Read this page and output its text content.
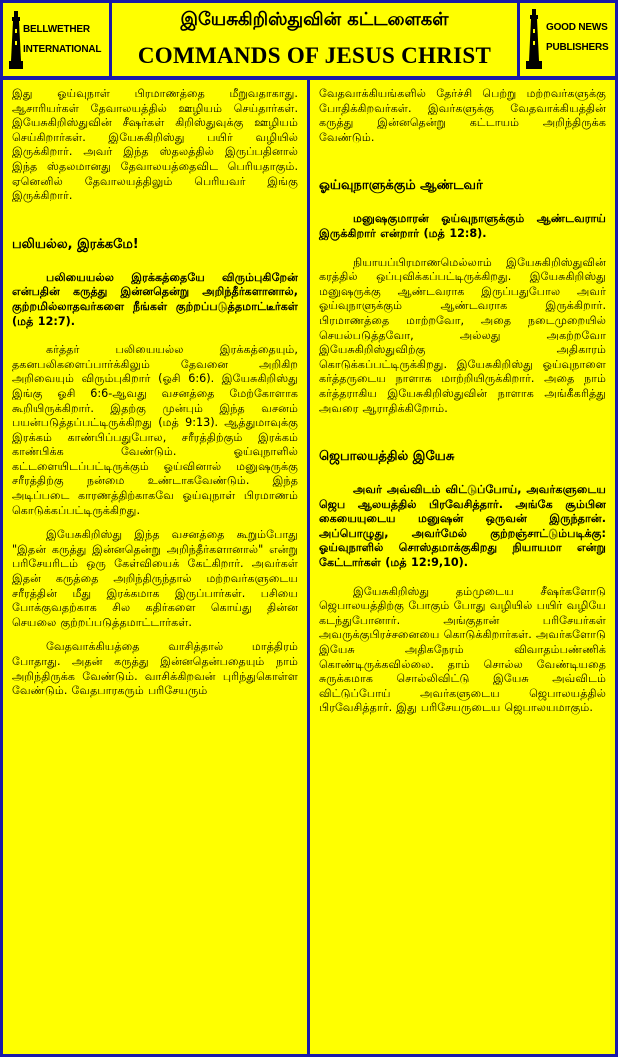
BELLWETHER
INTERNATIONAL
இயேசுகிறிஸ்துவின் கட்டளைகள்
COMMANDS OF JESUS CHRIST
GOOD NEWS
PUBLISHERS

இது ஓய்வுநாள் பிரமாணத்தை மீறுவதாகாது. ஆசாரியர்கள் தேவாலயத்தில் ஊழியம் செய்தார்கள். இயேசுகிறிஸ்துவின் சீஷர்கள் கிறிஸ்துவுக்கு ஊழியம் செய்கிறார்கள். இயேசுகிறிஸ்து பயிர் வழியில் இருக்கிறார். அவர் இந்த ஸ்தலத்தில் இருப்பதினால் இந்த ஸ்தலமானது தேவாலயத்தைவிட பெரியதாகும். ஏனெனில் தேவாலயத்திலும் பெரியவர் இங்கு இருக்கிறார்.

பலியல்ல, இரக்கமே!

பலியையல்ல இரக்கத்தையே விரும்புகிறேன் என்பதின் கருத்து இன்னதென்று அறிந்தீர்களானால், குற்றமில்லாதவர்களை நீங்கள் குற்றப்படுத்தமாட்டீர்கள் (மத் 12:7).

கர்த்தர் பலியையல்ல இரக்கத்தையும், தகனபலிகளைப்பார்க்கிலும் தேவனை அறிகிற அறிவையும் விரும்புகிறார் (ஓசி 6:6). இயேசுகிறிஸ்து இங்கு ஓசி 6:6-ஆவது வசனத்தை மேற்கோளாக கூறியிருக்கிறார். இதற்கு முன்பும் இந்த வசனம் பயன்படுத்தப்பட்டிருக்கிறது (மத் 9:13). ஆத்துமாவுக்கு இரக்கம் காண்பிப்பதுபோல, சரீரத்திற்கும் இரக்கம் காண்பிக்க வேண்டும். ஓய்வுநாளில் கட்டளையிடப்பட்டிருக்கும் ஓய்வினால் மனுஷருக்கு சரீரத்திற்கு நன்மை உண்டாகவேண்டும். இந்த அடிப்படை காரணத்திற்காகவே ஓய்வுநாள் பிரமாணம் கொடுக்கப்பட்டிருக்கிறது.

இயேசுகிறிஸ்து இந்த வசனத்தை கூறும்போது "இதன் கருத்து இன்னதென்று அறிந்தீர்களானால்" என்று பரிசேயரிடம் ஒரு கேள்வியைக் கேட்கிறார். அவர்கள் இதன் கருத்தை அறிந்திருந்தால் மற்றவர்களுடைய சரீரத்தின் மீது இரக்கமாக இருப்பார்கள். பசியை போக்குவதற்காக சில கதிர்களை கொய்து தின்ன செயலை குற்றப்படுத்தமாட்டார்கள்.

வேதவாக்கியத்தை வாசித்தால் மாத்திரம் போதாது. அதன் கருத்து இன்னதென்பதையும் நாம் அறிந்திருக்க வேண்டும். வாசிக்கிறவன் புரிந்துகொள்ள வேண்டும். வேதபாரகரும் பரிசேயரும்

வேதவாக்கியங்களில் தேர்ச்சி பெற்று மற்றவர்களுக்கு போதிக்கிறவர்கள். இவர்களுக்கு வேதவாக்கியத்தின் கருத்து இன்னதென்று கட்டாயம் அறிந்திருக்க வேண்டும்.

ஓய்வுநாளுக்கும் ஆண்டவர்

மனுஷகுமாரன் ஓய்வுநாளுக்கும் ஆண்டவராய் இருக்கிறார் என்றார் (மத் 12:8).

நியாயப்பிரமாணமெல்லாம் இயேசுகிறிஸ்துவின் கரத்தில் ஒப்புவிக்கப்பட்டிருக்கிறது. இயேசுகிறிஸ்து மனுஷருக்கு ஆண்டவராக இருப்பதுபோல அவர் ஓய்வுநாளுக்கும் ஆண்டவராக இருக்கிறார். பிரமாணத்தை மாற்றவோ, அதை நடைமுறையில் செயல்படுத்தவோ, அல்லது அகற்றவோ இயேசுகிறிஸ்துவிற்கு அதிகாரம் கொடுக்கப்பட்டிருக்கிறது. இயேசுகிறிஸ்து ஓய்வுநாளை கர்த்தருடைய நாளாக மாற்றியிருக்கிறார். அதை நாம் கர்த்தராகிய இயேசுகிறிஸ்துவின் நாளாக அங்கீகரித்து அவரை ஆராதிக்கிறோம்.

ஜெபாலயத்தில் இயேசு

அவர் அவ்விடம் விட்டுப்போய், அவர்களுடைய ஜெப ஆலயத்தில் பிரவேசித்தார். அங்கே சூம்பின கையையுடைய மனுஷன் ஒருவன் இருந்தான். அப்பொழுது, அவர்மேல் குற்றஞ்சாட்டும்படிக்கு: ஓய்வுநாளில் சொஸ்தமாக்குகிறது நியாயமா என்று கேட்டார்கள் (மத் 12:9,10).

இயேசுகிறிஸ்து தம்முடைய சீஷர்களோடு ஜெபாலயத்திற்கு போகும் போது வழியில் பயிர் வழியே கடந்துபோனார். அங்குதான் பரிசேயர்கள் அவருக்குபிரச்சனையை கொடுக்கிறார்கள். அவர்களோடு இயேசு அதிகநேரம் விவாதம்பண்ணிக் கொண்டிருக்கவில்லை. தாம் சொல்ல வேண்டியதை சுருக்கமாக சொல்லிவிட்டு இயேசு அவ்விடம் விட்டுப்போய் அவர்களுடைய ஜெபாலயத்தில் பிரவேசித்தார். இது பரிசேயருடைய ஜெபாலயமாகும்.
